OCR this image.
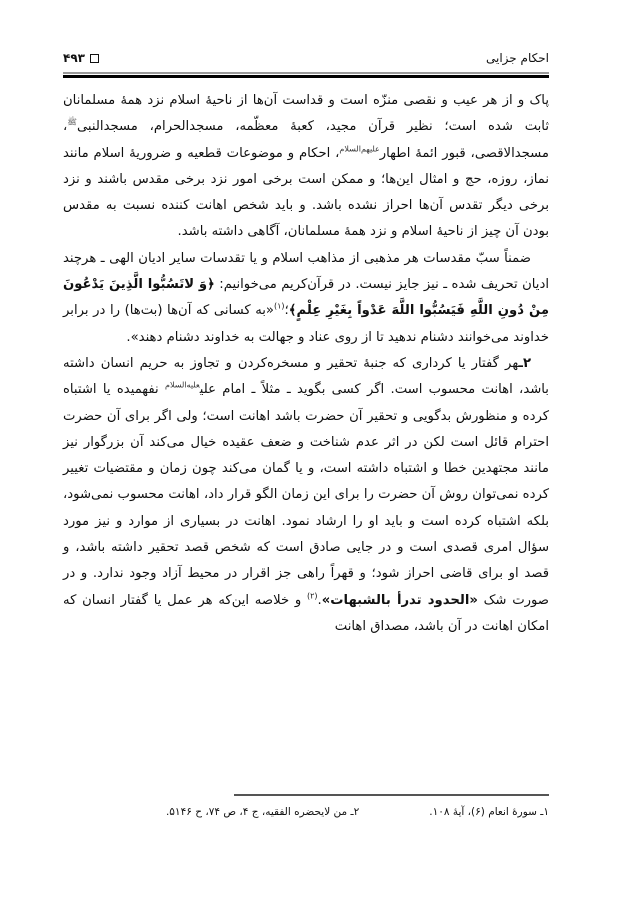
احکام جزایی
۴۹۳

پاک و از هر عیب و نقصی منزّه است و قداست آن‌ها از ناحیهٔ اسلام نزد همهٔ مسلمانان ثابت شده است؛ نظیر قرآن مجید، کعبهٔ معظّمه، مسجدالحرام، مسجدالنبی$^ﷺ$، مسجدالاقصی، قبور ائمهٔ اطهار$^{علیهم‌السلام}$، احکام و موضوعات قطعیه و ضروریهٔ اسلام مانند نماز، روزه، حج و امثال این‌ها؛ و ممکن است برخی امور نزد برخی مقدس باشند و نزد برخی دیگر تقدس آن‌ها احراز نشده باشد. و باید شخص اهانت کننده نسبت به مقدس بودن آن چیز از ناحیهٔ اسلام و نزد همهٔ مسلمانان، آگاهی داشته باشد.

ضمناً سبّ مقدسات هر مذهبی از مذاهب اسلام و یا تقدسات سایر ادیان الهی ـ هرچند ادیان تحریف شده ـ نیز جایز نیست. در قرآن‌کریم می‌خوانیم: ﴿وَ لاتَسُبُّوا الَّذِينَ يَدْعُونَ مِنْ دُونِ اللَّهِ فَيَسُبُّوا اللَّهَ عَدْواً بِغَيْرِ عِلْمٍ﴾؛$^{(۱)}$«به کسانی که آن‌ها (بت‌ها) را در برابر خداوند می‌خوانند دشنام ندهید تا از روی عناد و جهالت به خداوند دشنام دهند».

۲ـهر گفتار یا کرداری که جنبهٔ تحقیر و مسخره‌کردن و تجاوز به حریم انسان داشته باشد، اهانت محسوب است. اگر کسی بگوید ـ مثلاً ـ امام علی$^{علیه‌السلام}$ نفهمیده یا اشتباه کرده و منظورش بدگویی و تحقیر آن حضرت باشد اهانت است؛ ولی اگر برای آن حضرت احترام قائل است لکن در اثر عدم شناخت و ضعف عقیده خیال می‌کند آن بزرگوار نیز مانند مجتهدین خطا و اشتباه داشته است، و یا گمان می‌کند چون زمان و مقتضیات تغییر کرده نمی‌توان روش آن حضرت را برای این زمان الگو قرار داد، اهانت محسوب نمی‌شود، بلکه اشتباه کرده است و باید او را ارشاد نمود. اهانت در بسیاری از موارد و نیز مورد سؤال امری قصدی است و در جایی صادق است که شخص قصد تحقیر داشته باشد، و قصد او برای قاضی احراز شود؛ و قهراً راهی جز اقرار در محیط آزاد وجود ندارد. و در صورت شک «الحدود تدرأ بالشبهات».$^{(۲)}$ و خلاصه این‌که هر عمل یا گفتار انسان که امکان اهانت در آن باشد، مصداق اهانت

۱ـ سورهٔ انعام (۶)، آیهٔ ۱۰۸.
۲ـ من لایحضره الفقیه، ج ۴، ص ۷۴، ح ۵۱۴۶.
